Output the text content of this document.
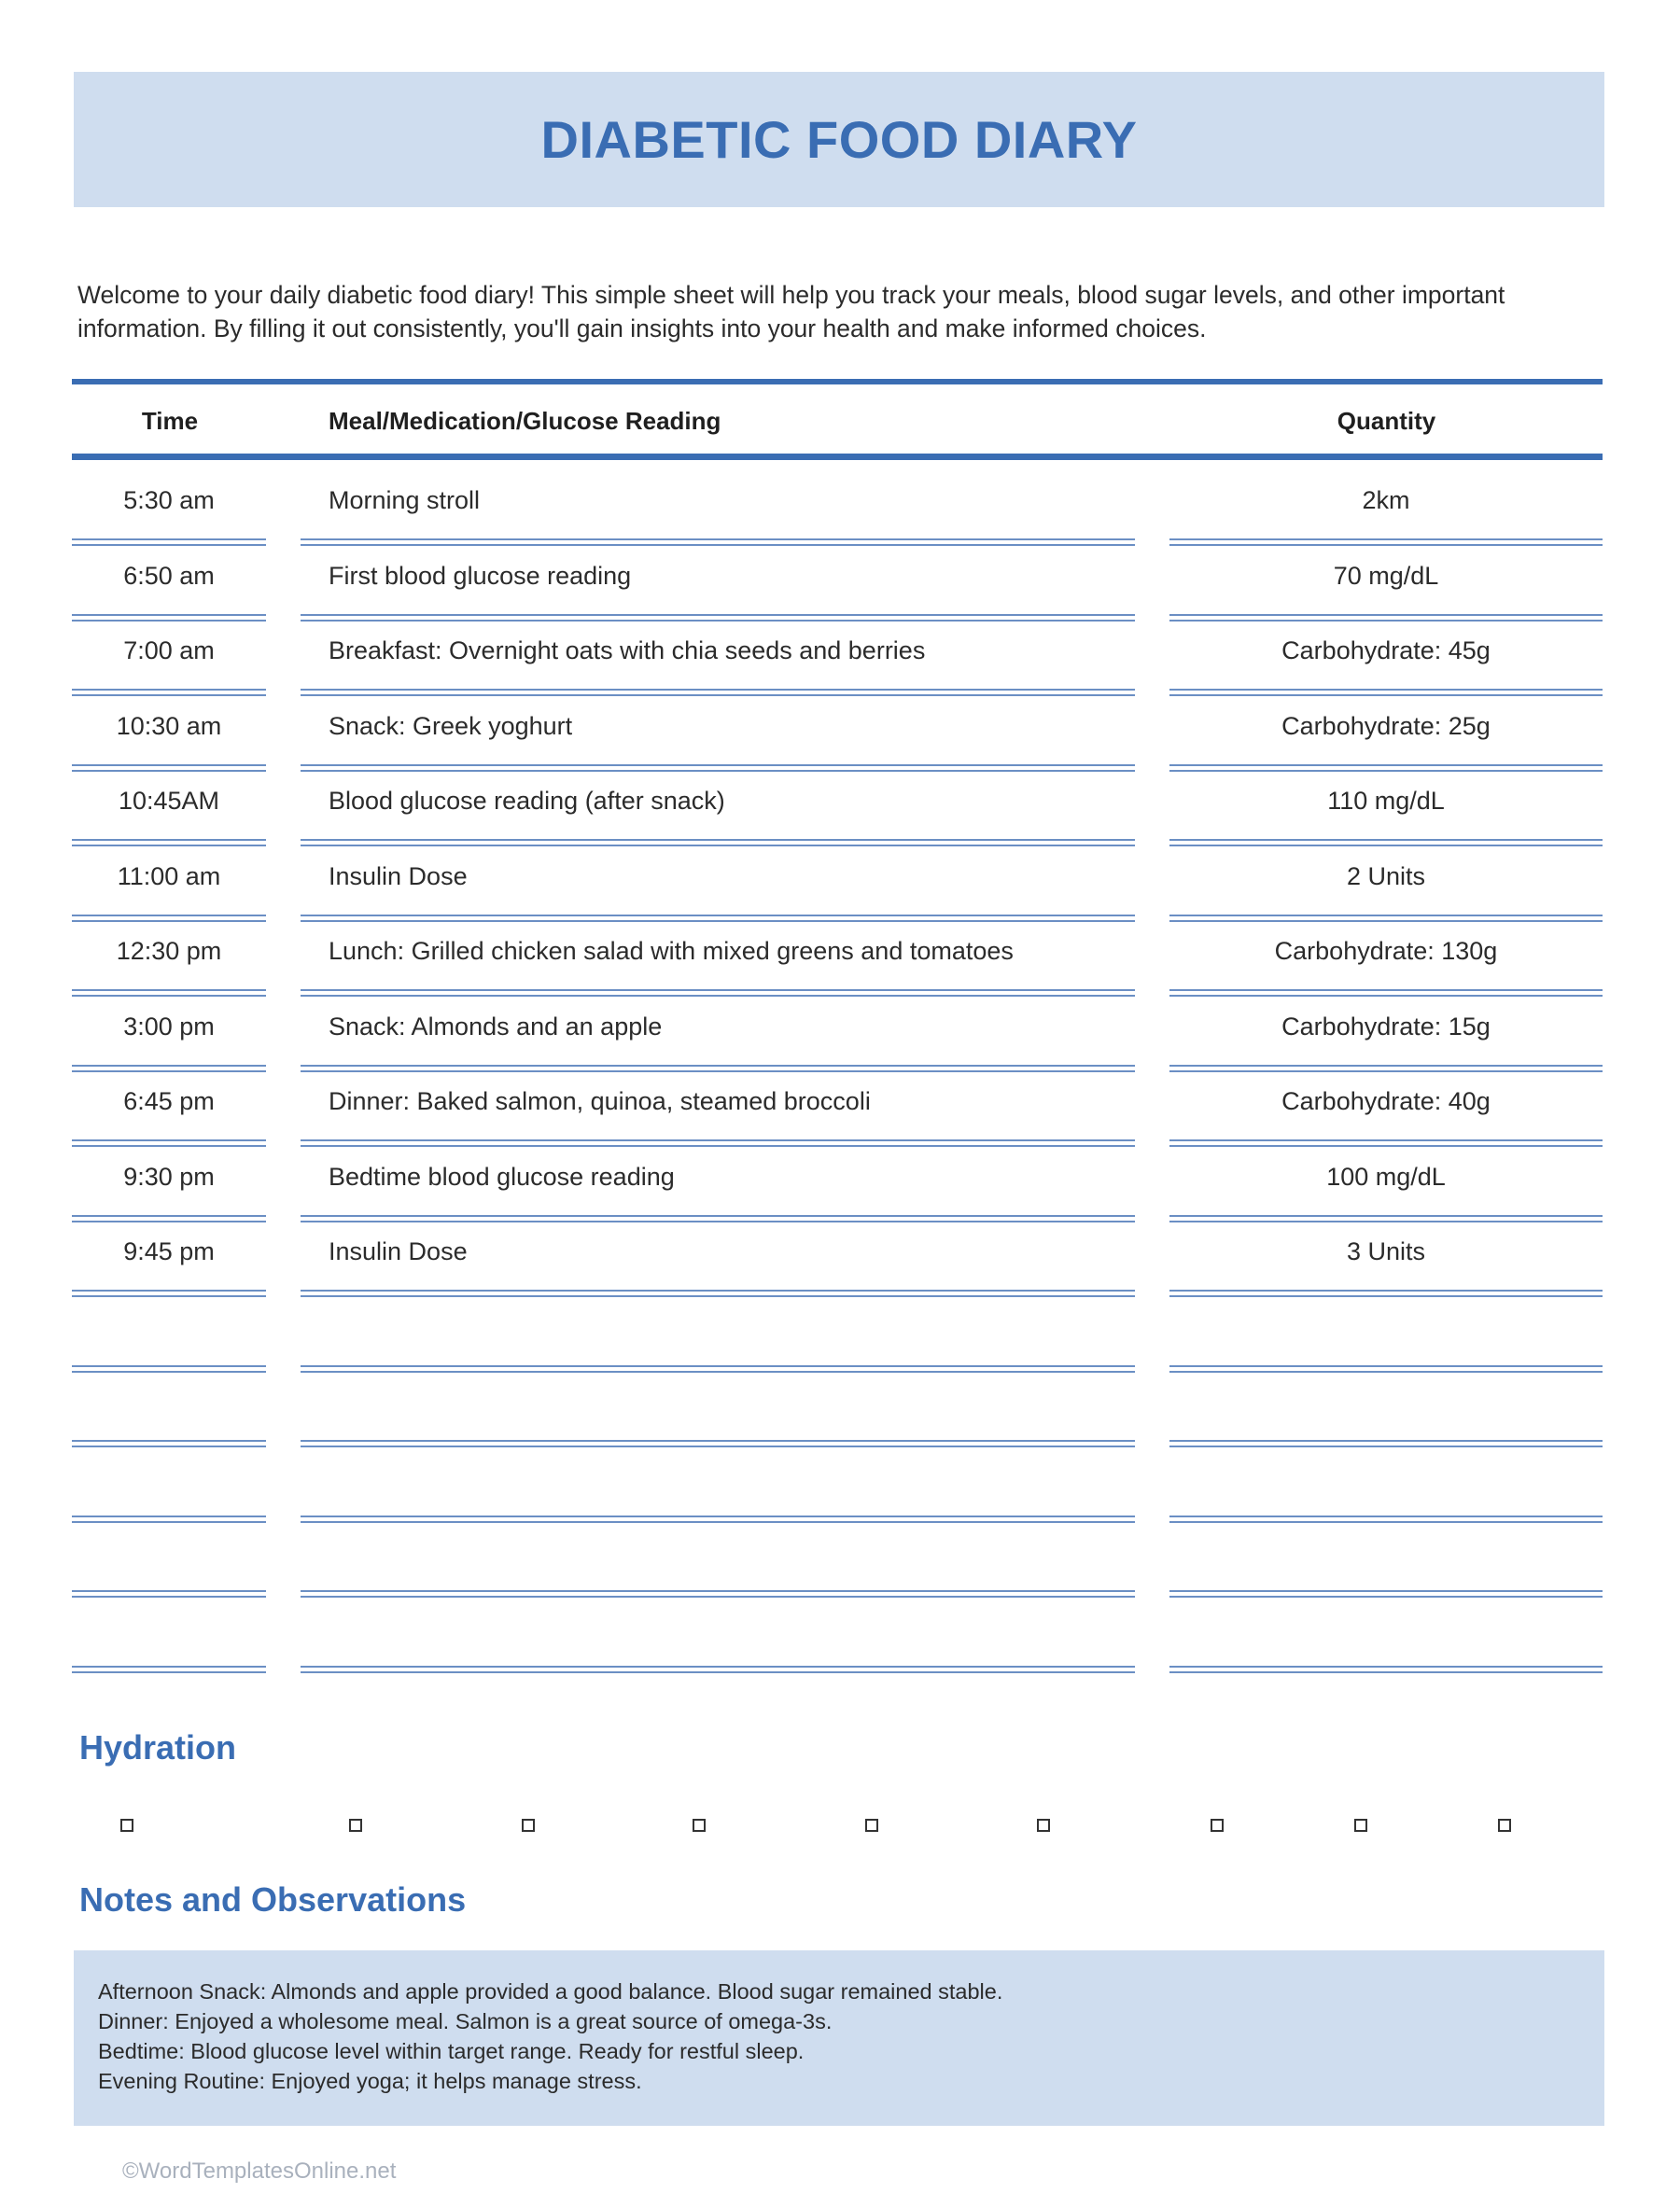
DIABETIC FOOD DIARY

Welcome to your daily diabetic food diary! This simple sheet will help you track your meals, blood sugar levels, and other important information. By filling it out consistently, you'll gain insights into your health and make informed choices.

Time	Meal/Medication/Glucose Reading	Quantity
5:30 am	Morning stroll	2km
6:50 am	First blood glucose reading	70 mg/dL
7:00 am	Breakfast: Overnight oats with chia seeds and berries	Carbohydrate: 45g
10:30 am	Snack: Greek yoghurt	Carbohydrate: 25g
10:45AM	Blood glucose reading (after snack)	110 mg/dL
11:00 am	Insulin Dose	2 Units
12:30 pm	Lunch: Grilled chicken salad with mixed greens and tomatoes	Carbohydrate: 130g
3:00 pm	Snack: Almonds and an apple	Carbohydrate: 15g
6:45 pm	Dinner: Baked salmon, quinoa, steamed broccoli	Carbohydrate: 40g
9:30 pm	Bedtime blood glucose reading	100 mg/dL
9:45 pm	Insulin Dose	3 Units
Hydration
Notes and Observations
Afternoon Snack: Almonds and apple provided a good balance. Blood sugar remained stable.
Dinner: Enjoyed a wholesome meal. Salmon is a great source of omega-3s.
Bedtime: Blood glucose level within target range. Ready for restful sleep.
Evening Routine: Enjoyed yoga; it helps manage stress.

©WordTemplatesOnline.net
